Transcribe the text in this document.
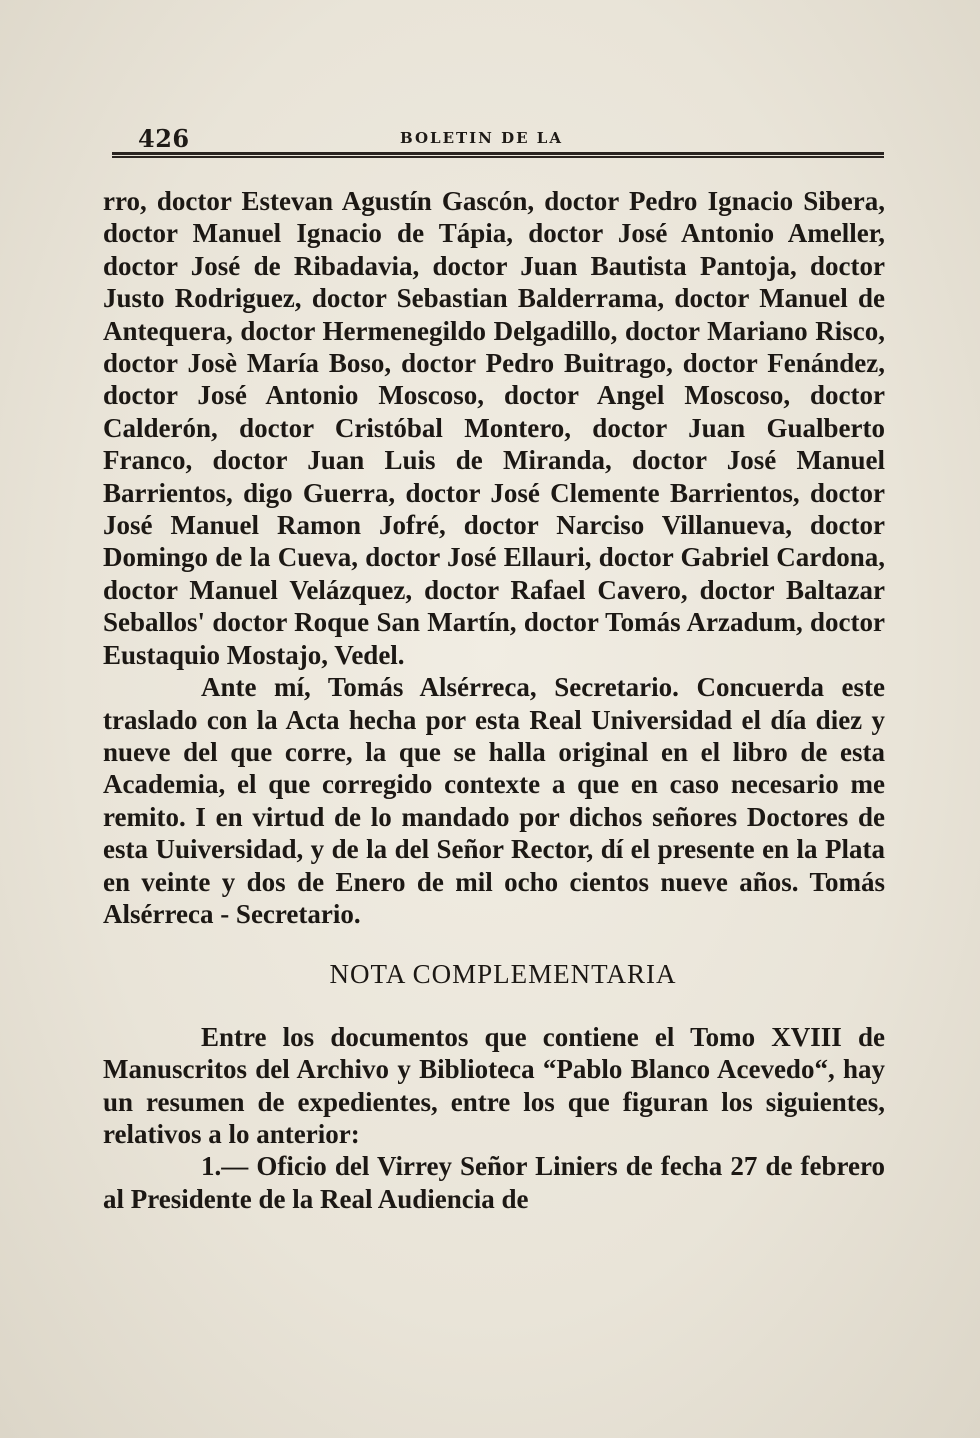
426	BOLETIN DE LA

rro, doctor Estevan Agustín Gascón, doctor Pedro Ignacio Sibera, doctor Manuel Ignacio de Tápia, doctor José Antonio Ameller, doctor José de Ribadavia, doctor Juan Bautista Pantoja, doctor Justo Rodriguez, doctor Sebastian Balderrama, doctor Manuel de Antequera, doctor Hermenegildo Delgadillo, doctor Mariano Risco, doctor Josè María Boso, doctor Pedro Buitrago, doctor Fenández, doctor José Antonio Moscoso, doctor Angel Moscoso, doctor Calderón, doctor Cristóbal Montero, doctor Juan Gualberto Franco, doctor Juan Luis de Miranda, doctor José Manuel Barrientos, digo Guerra, doctor José Clemente Barrientos, doctor José Manuel Ramon Jofré, doctor Narciso Villanueva, doctor Domingo de la Cueva, doctor José Ellauri, doctor Gabriel Cardona, doctor Manuel Velázquez, doctor Rafael Cavero, doctor Baltazar Seballos' doctor Roque San Martín, doctor Tomás Arzadum, doctor Eustaquio Mostajo, Vedel.

Ante mí, Tomás Alsérreca, Secretario. Concuerda este traslado con la Acta hecha por esta Real Universidad el día diez y nueve del que corre, la que se halla original en el libro de esta Academia, el que corregido contexte a que en caso necesario me remito. I en virtud de lo mandado por dichos señores Doctores de esta Uuiversidad, y de la del Señor Rector, dí el presente en la Plata en veinte y dos de Enero de mil ocho cientos nueve años. Tomás Alsérreca - Secretario.

NOTA COMPLEMENTARIA

Entre los documentos que contiene el Tomo XVIII de Manuscritos del Archivo y Biblioteca “Pablo Blanco Acevedo“, hay un resumen de expedientes, entre los que figuran los siguientes, relativos a lo anterior:

1.— Oficio del Virrey Señor Liniers de fecha 27 de febrero al Presidente de la Real Audiencia de
